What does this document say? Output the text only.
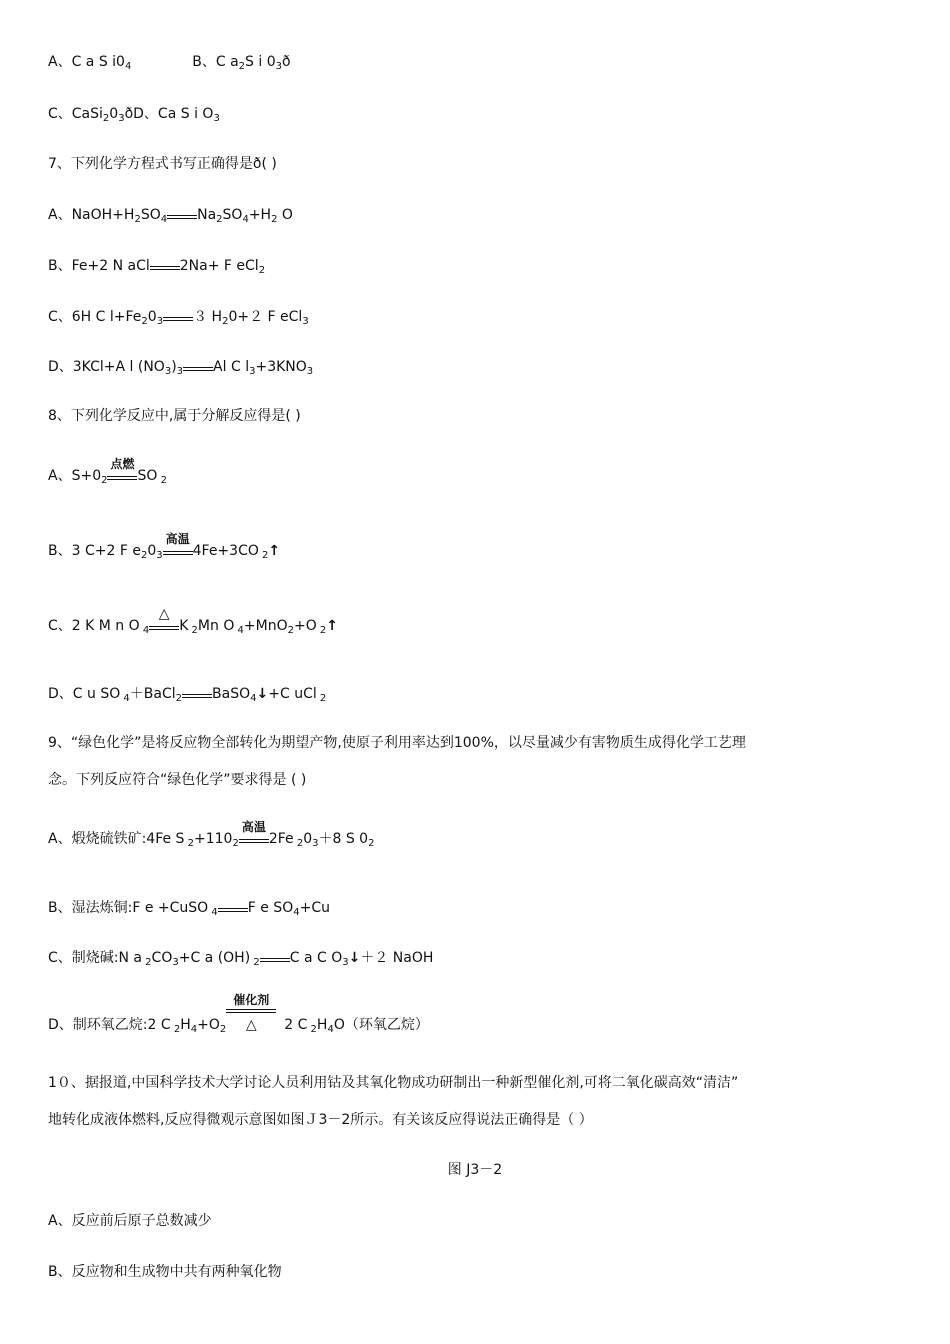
A、C a S $i0_4$	B、C $a_2S$ i $0_3ð$
C、$CaSi_20_3ðD$、Ca S i $O_3$
7、下列化学方程式书写正确得是ð( )
A、$NaOH+H_2SO_4$ $Na_2SO_4+H_2$ O
B、Fe+2 N aCl 2Na+ F eCl$_2$
C、6H C $l+Fe_20_3$ ３ $H_20+2$ F eCl$_3$
D、3KCl+A l $(NO_3)_3$ Al C $l_3+3KNO_3$
8、下列化学反应中,属于分解反应得是( )
A、$S+0_2$
点燃
SO $_2$
B、3 C+2 F $e_20_3$
高温
4Fe+3CO $_2$↑
C、2 K M n O $_4$
△
K $_2$Mn O $_4$+MnO$_2$+O $_2$↑
D、C u SO $_4$＋BaCl$_2$ BaSO$_4$↓+C uCl $_2$
9、“绿色化学”是将反应物全部转化为期望产物,使原子利用率达到100%，以尽量减少有害物质生成得化学工艺理
念。下列反应符合“绿色化学”要求得是 ( )
A、煅烧硫铁矿:4Fe S $_2+110_2$
高温
2Fe $_20_3+8$ S $0_2$
B、湿法炼铜:F e +CuSO $_4$ F e $SO_4+Cu$
C、制烧碱:N a $_2CO_3+C$ a (OH) $_2$ C a C $O_3↓+2$ NaOH
D、制环氧乙烷:2 C $_2H_4+O_2$
催化剂
△ 2 C $_2H_4O$（环氧乙烷）
1０、据报道,中国科学技术大学讨论人员利用钴及其氧化物成功研制出一种新型催化剂,可将二氧化碳高效“清洁”
地转化成液体燃料,反应得微观示意图如图Ｊ3－2所示。有关该反应得说法正确得是（ ）
图 J3－2
A、反应前后原子总数减少
B、反应物和生成物中共有两种氧化物
